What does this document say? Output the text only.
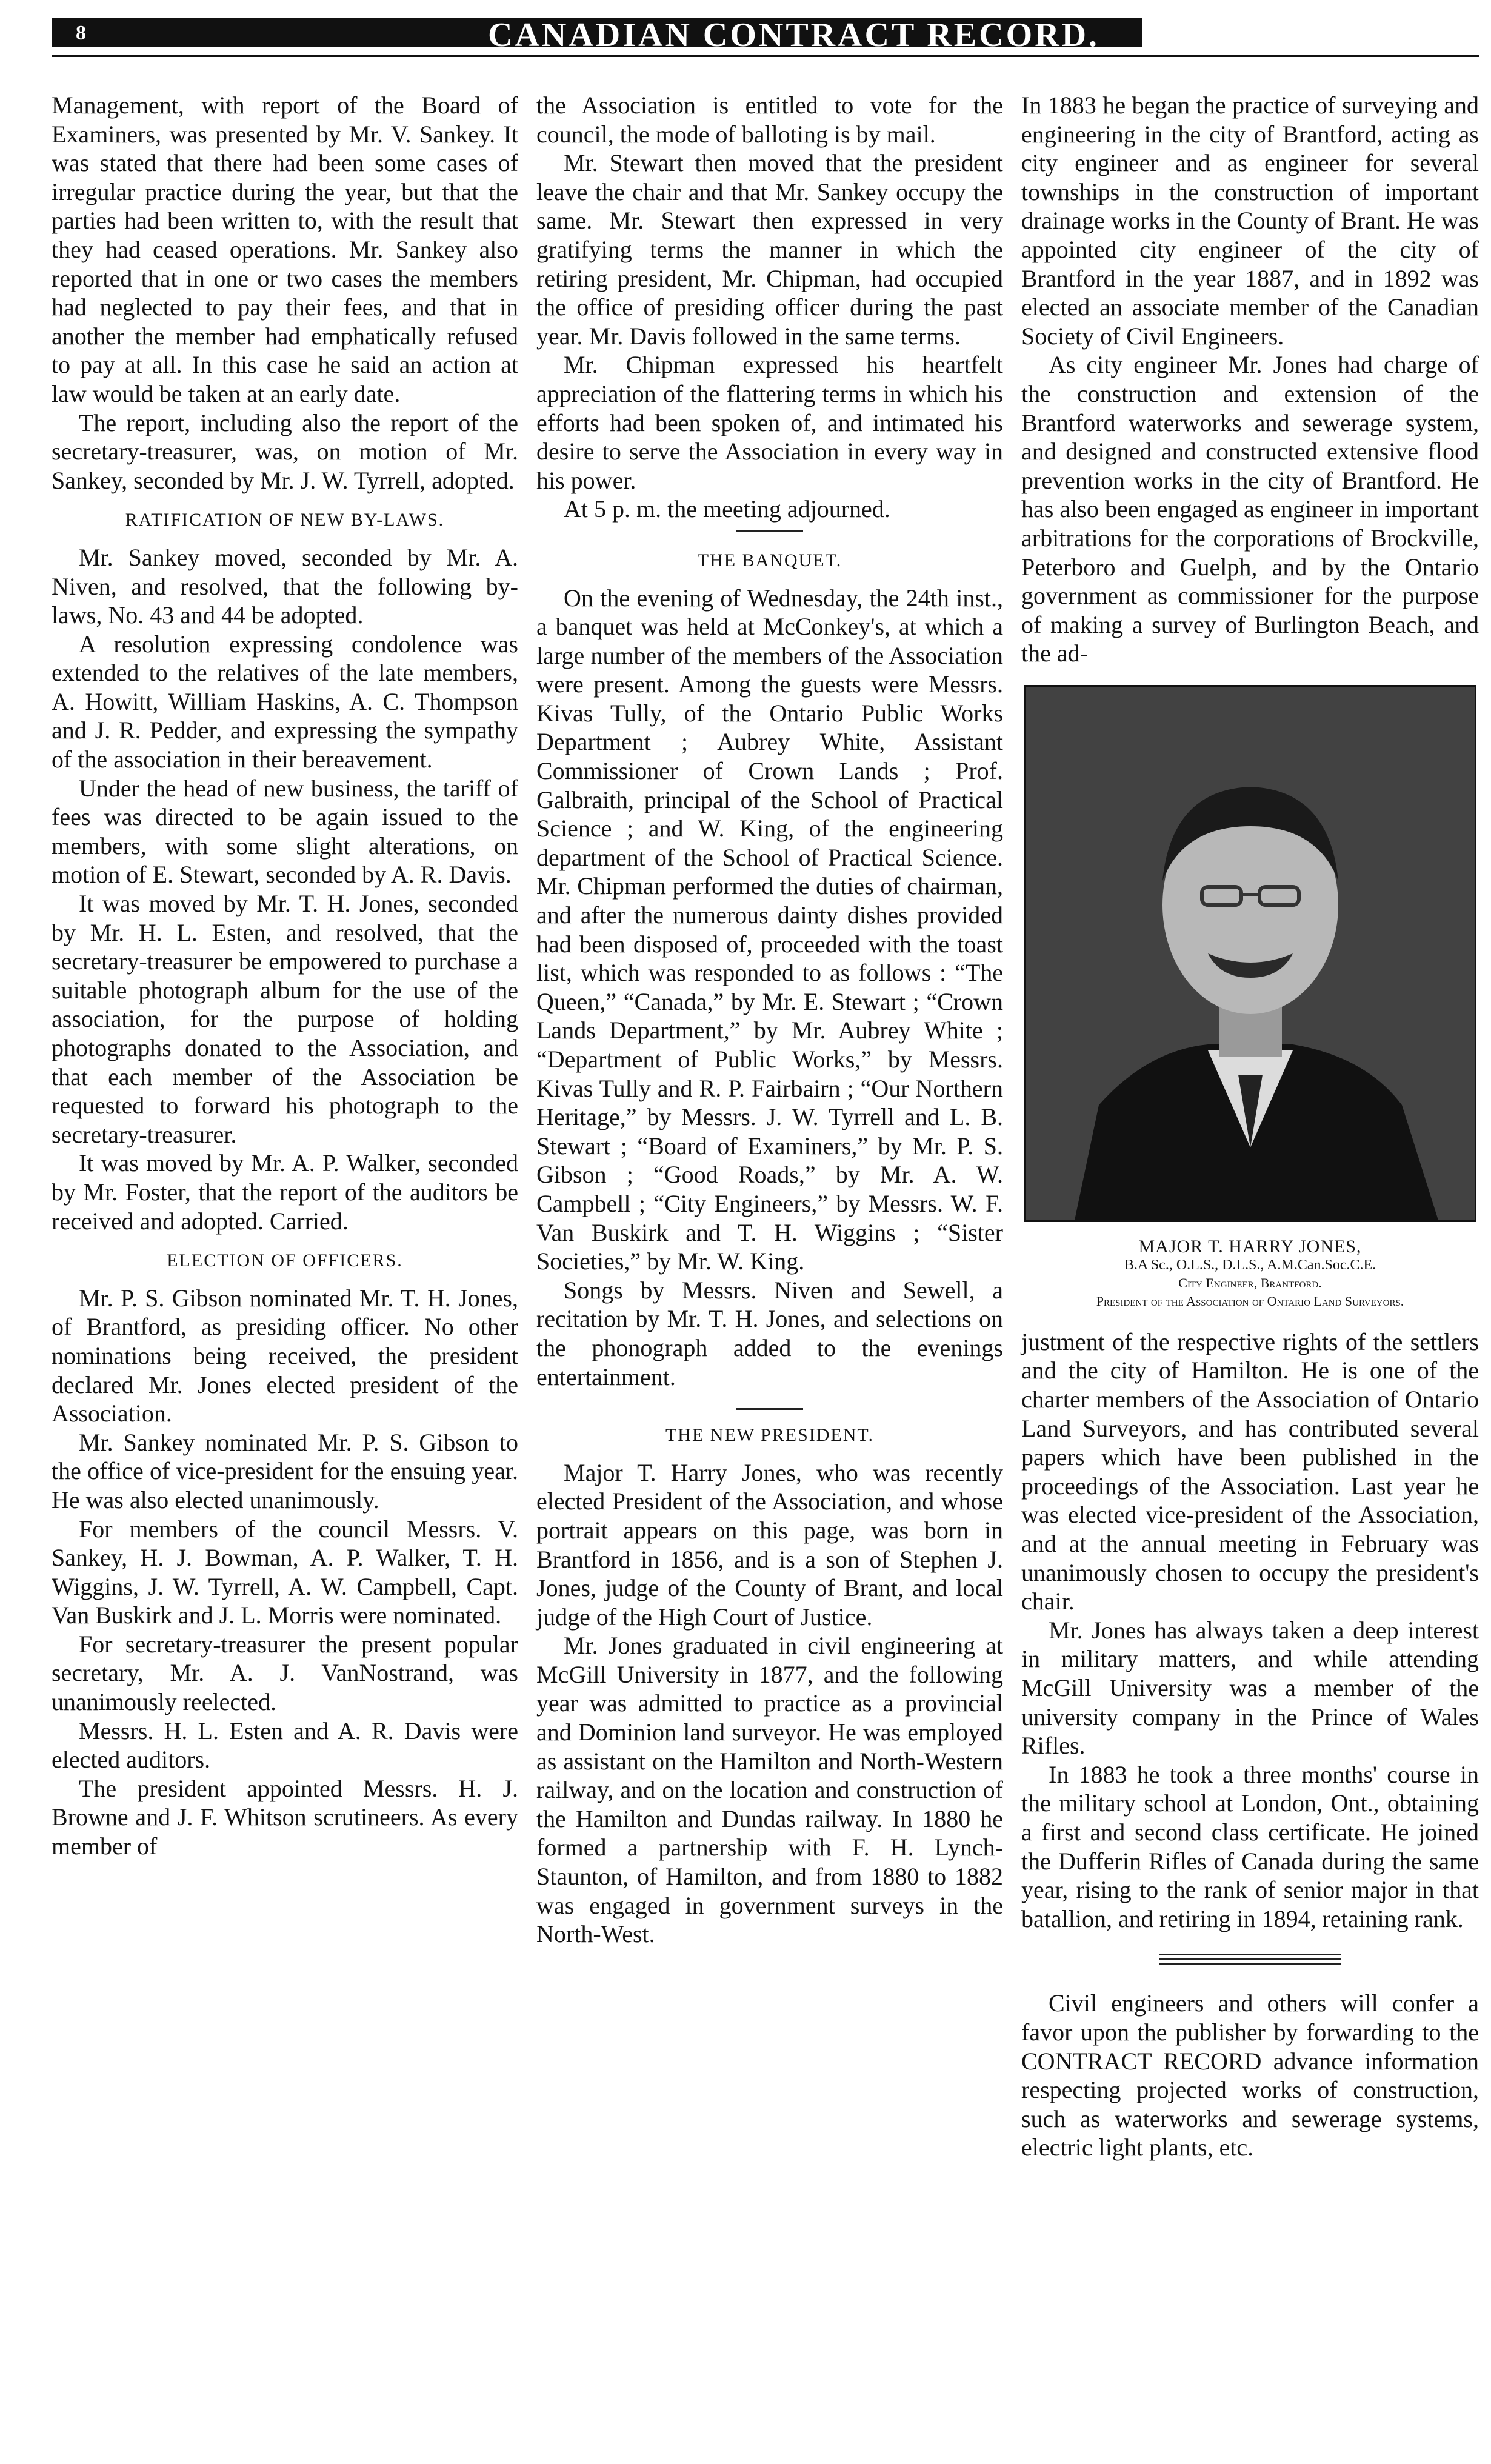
8	CANADIAN CONTRACT RECORD.

Management, with report of the Board of Examiners, was presented by Mr. V. Sankey. It was stated that there had been some cases of irregular practice during the year, but that the parties had been written to, with the result that they had ceased operations. Mr. Sankey also reported that in one or two cases the members had neglected to pay their fees, and that in another the member had emphatically refused to pay at all. In this case he said an action at law would be taken at an early date.

The report, including also the report of the secretary-treasurer, was, on motion of Mr. Sankey, seconded by Mr. J. W. Tyrrell, adopted.

RATIFICATION OF NEW BY-LAWS.

Mr. Sankey moved, seconded by Mr. A. Niven, and resolved, that the following by-laws, No. 43 and 44 be adopted.

A resolution expressing condolence was extended to the relatives of the late members, A. Howitt, William Haskins, A. C. Thompson and J. R. Pedder, and expressing the sympathy of the association in their bereavement.

Under the head of new business, the tariff of fees was directed to be again issued to the members, with some slight alterations, on motion of E. Stewart, seconded by A. R. Davis.

It was moved by Mr. T. H. Jones, seconded by Mr. H. L. Esten, and resolved, that the secretary-treasurer be empowered to purchase a suitable photograph album for the use of the association, for the purpose of holding photographs donated to the Association, and that each member of the Association be requested to forward his photograph to the secretary-treasurer.

It was moved by Mr. A. P. Walker, seconded by Mr. Foster, that the report of the auditors be received and adopted. Carried.

ELECTION OF OFFICERS.

Mr. P. S. Gibson nominated Mr. T. H. Jones, of Brantford, as presiding officer. No other nominations being received, the president declared Mr. Jones elected president of the Association.

Mr. Sankey nominated Mr. P. S. Gibson to the office of vice-president for the ensuing year. He was also elected unanimously.

For members of the council Messrs. V. Sankey, H. J. Bowman, A. P. Walker, T. H. Wiggins, J. W. Tyrrell, A. W. Campbell, Capt. Van Buskirk and J. L. Morris were nominated.

For secretary-treasurer the present popular secretary, Mr. A. J. VanNostrand, was unanimously reelected.

Messrs. H. L. Esten and A. R. Davis were elected auditors.

The president appointed Messrs. H. J. Browne and J. F. Whitson scrutineers. As every member of

the Association is entitled to vote for the council, the mode of balloting is by mail.

Mr. Stewart then moved that the president leave the chair and that Mr. Sankey occupy the same. Mr. Stewart then expressed in very gratifying terms the manner in which the retiring president, Mr. Chipman, had occupied the office of presiding officer during the past year. Mr. Davis followed in the same terms.

Mr. Chipman expressed his heartfelt appreciation of the flattering terms in which his efforts had been spoken of, and intimated his desire to serve the Association in every way in his power.

At 5 p. m. the meeting adjourned.

THE BANQUET.

On the evening of Wednesday, the 24th inst., a banquet was held at McConkey's, at which a large number of the members of the Association were present. Among the guests were Messrs. Kivas Tully, of the Ontario Public Works Department ; Aubrey White, Assistant Commissioner of Crown Lands ; Prof. Galbraith, principal of the School of Practical Science ; and W. King, of the engineering department of the School of Practical Science. Mr. Chipman performed the duties of chairman, and after the numerous dainty dishes provided had been disposed of, proceeded with the toast list, which was responded to as follows : “The Queen,” “Canada,” by Mr. E. Stewart ; “Crown Lands Department,” by Mr. Aubrey White ; “Department of Public Works,” by Messrs. Kivas Tully and R. P. Fairbairn ; “Our Northern Heritage,” by Messrs. J. W. Tyrrell and L. B. Stewart ; “Board of Examiners,” by Mr. P. S. Gibson ; “Good Roads,” by Mr. A. W. Campbell ; “City Engineers,” by Messrs. W. F. Van Buskirk and T. H. Wiggins ; “Sister Societies,” by Mr. W. King.

Songs by Messrs. Niven and Sewell, a recitation by Mr. T. H. Jones, and selections on the phonograph added to the evenings entertainment.

THE NEW PRESIDENT.

Major T. Harry Jones, who was recently elected President of the Association, and whose portrait appears on this page, was born in Brantford in 1856, and is a son of Stephen J. Jones, judge of the County of Brant, and local judge of the High Court of Justice.

Mr. Jones graduated in civil engineering at McGill University in 1877, and the following year was admitted to practice as a provincial and Dominion land surveyor. He was employed as assistant on the Hamilton and North-Western railway, and on the location and construction of the Hamilton and Dundas railway. In 1880 he formed a partnership with F. H. Lynch-Staunton, of Hamilton, and from 1880 to 1882 was engaged in government surveys in the North-West.

In 1883 he began the practice of surveying and engineering in the city of Brantford, acting as city engineer and as engineer for several townships in the construction of important drainage works in the County of Brant. He was appointed city engineer of the city of Brantford in the year 1887, and in 1892 was elected an associate member of the Canadian Society of Civil Engineers.

As city engineer Mr. Jones had charge of the construction and extension of the Brantford waterworks and sewerage system, and designed and constructed extensive flood prevention works in the city of Brantford. He has also been engaged as engineer in important arbitrations for the corporations of Brockville, Peterboro and Guelph, and by the Ontario government as commissioner for the purpose of making a survey of Burlington Beach, and the ad-

MAJOR T. HARRY JONES,
B.A Sc., O.L.S., D.L.S., A.M.Can.Soc.C.E.
City Engineer, Brantford.
President of the Association of Ontario Land Surveyors.

justment of the respective rights of the settlers and the city of Hamilton. He is one of the charter members of the Association of Ontario Land Surveyors, and has contributed several papers which have been published in the proceedings of the Association. Last year he was elected vice-president of the Association, and at the annual meeting in February was unanimously chosen to occupy the president's chair.

Mr. Jones has always taken a deep interest in military matters, and while attending McGill University was a member of the university company in the Prince of Wales Rifles.

In 1883 he took a three months' course in the military school at London, Ont., obtaining a first and second class certificate. He joined the Dufferin Rifles of Canada during the same year, rising to the rank of senior major in that batallion, and retiring in 1894, retaining rank.

Civil engineers and others will confer a favor upon the publisher by forwarding to the CONTRACT RECORD advance information respecting projected works of construction, such as waterworks and sewerage systems, electric light plants, etc.
